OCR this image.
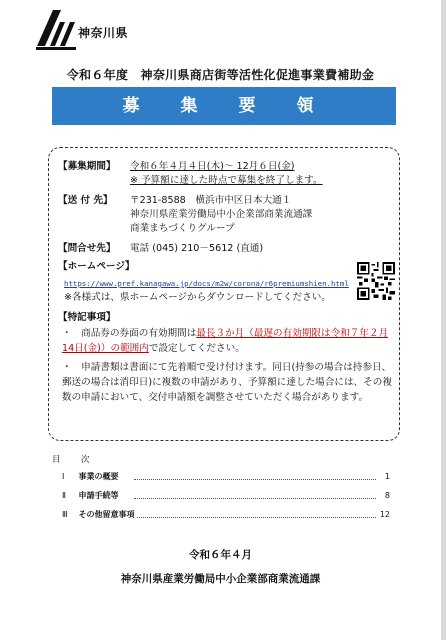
神奈川県
令和６年度　神奈川県商店街等活性化促進事業費補助金
募　集　要　領
【募集期間】 令和６年４月４日(木)～ 12月６日(金)
※ 予算額に達した時点で募集を終了します。
【送 付 先】 〒231-8588　横浜市中区日本大通１
神奈川県産業労働局中小企業部商業流通課
商業まちづくりグループ
【問合せ先】 電話 (045) 210－5612 (直通)
【ホームページ】
https://www.pref.kanagawa.jp/docs/m2w/corona/r6premiumshien.html
※各様式は、県ホームページからダウンロードしてください。
【特記事項】
・　商品券の券面の有効期間は最長３か月（最遅の有効期限は令和７年２月14日(金)）の範囲内で設定してください。
・　申請書類は書面にて先着順で受け付けます。同日(持参の場合は持参日、郵送の場合は消印日)に複数の申請があり、予算額に達した場合には、その複数の申請において、交付申請額を調整させていただく場合があります。
目　次
Ⅰ 事業の概要	1
Ⅱ 申請手続等	8
Ⅲ その他留意事項	12
令和６年４月
神奈川県産業労働局中小企業部商業流通課
